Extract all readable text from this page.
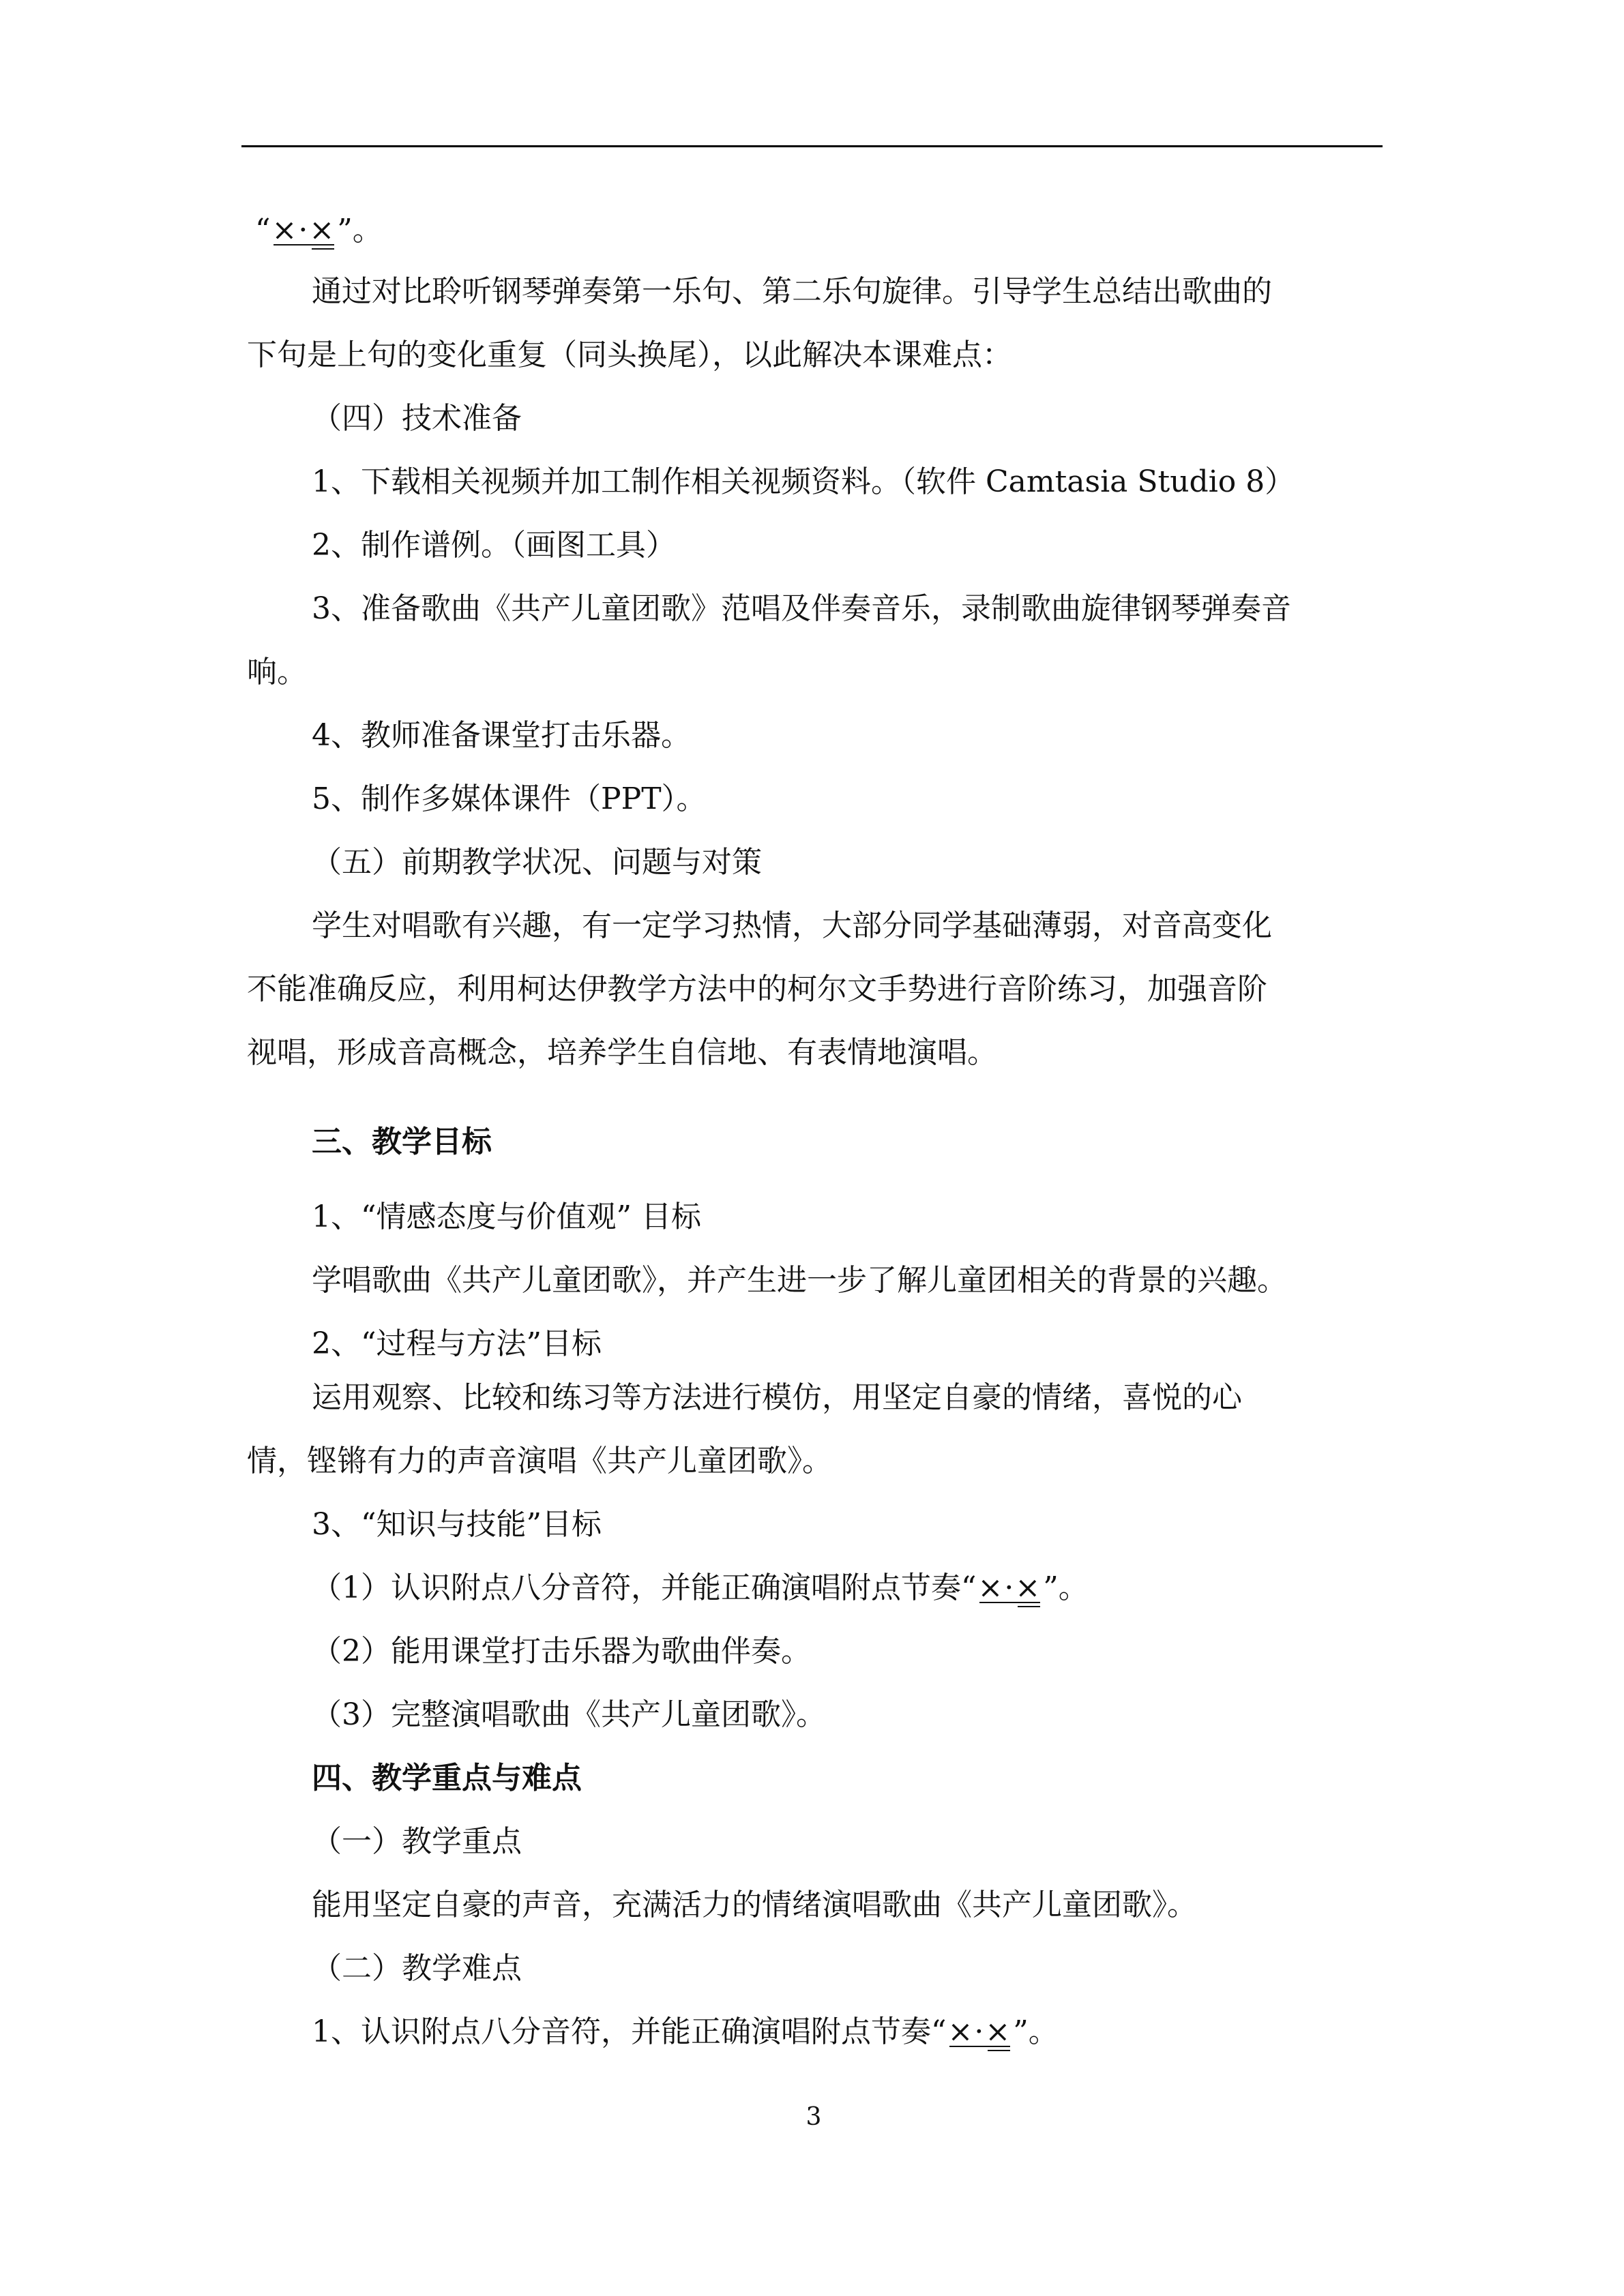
“×·×”。
通过对比聆听钢琴弹奏第一乐句、第二乐句旋律。引导学生总结出歌曲的
下句是上句的变化重复（同头换尾），以此解决本课难点：
（四）技术准备
1、下载相关视频并加工制作相关视频资料。（软件 Camtasia Studio 8）
2、制作谱例。（画图工具）
3、准备歌曲《共产儿童团歌》范唱及伴奏音乐，录制歌曲旋律钢琴弹奏音
响。
4、教师准备课堂打击乐器。
5、制作多媒体课件（PPT）。
（五）前期教学状况、问题与对策
学生对唱歌有兴趣，有一定学习热情，大部分同学基础薄弱，对音高变化
不能准确反应，利用柯达伊教学方法中的柯尔文手势进行音阶练习，加强音阶
视唱，形成音高概念，培养学生自信地、有表情地演唱。
三、教学目标
1、“情感态度与价值观” 目标
学唱歌曲《共产儿童团歌》，并产生进一步了解儿童团相关的背景的兴趣。
2、“过程与方法”目标
运用观察、比较和练习等方法进行模仿，用坚定自豪的情绪，喜悦的心
情，铿锵有力的声音演唱《共产儿童团歌》。
3、“知识与技能”目标
（1）认识附点八分音符，并能正确演唱附点节奏“×·×”。
（2）能用课堂打击乐器为歌曲伴奏。
（3）完整演唱歌曲《共产儿童团歌》。
四、教学重点与难点
（一）教学重点
能用坚定自豪的声音，充满活力的情绪演唱歌曲《共产儿童团歌》。
（二）教学难点
1、认识附点八分音符，并能正确演唱附点节奏“×·×”。
3
